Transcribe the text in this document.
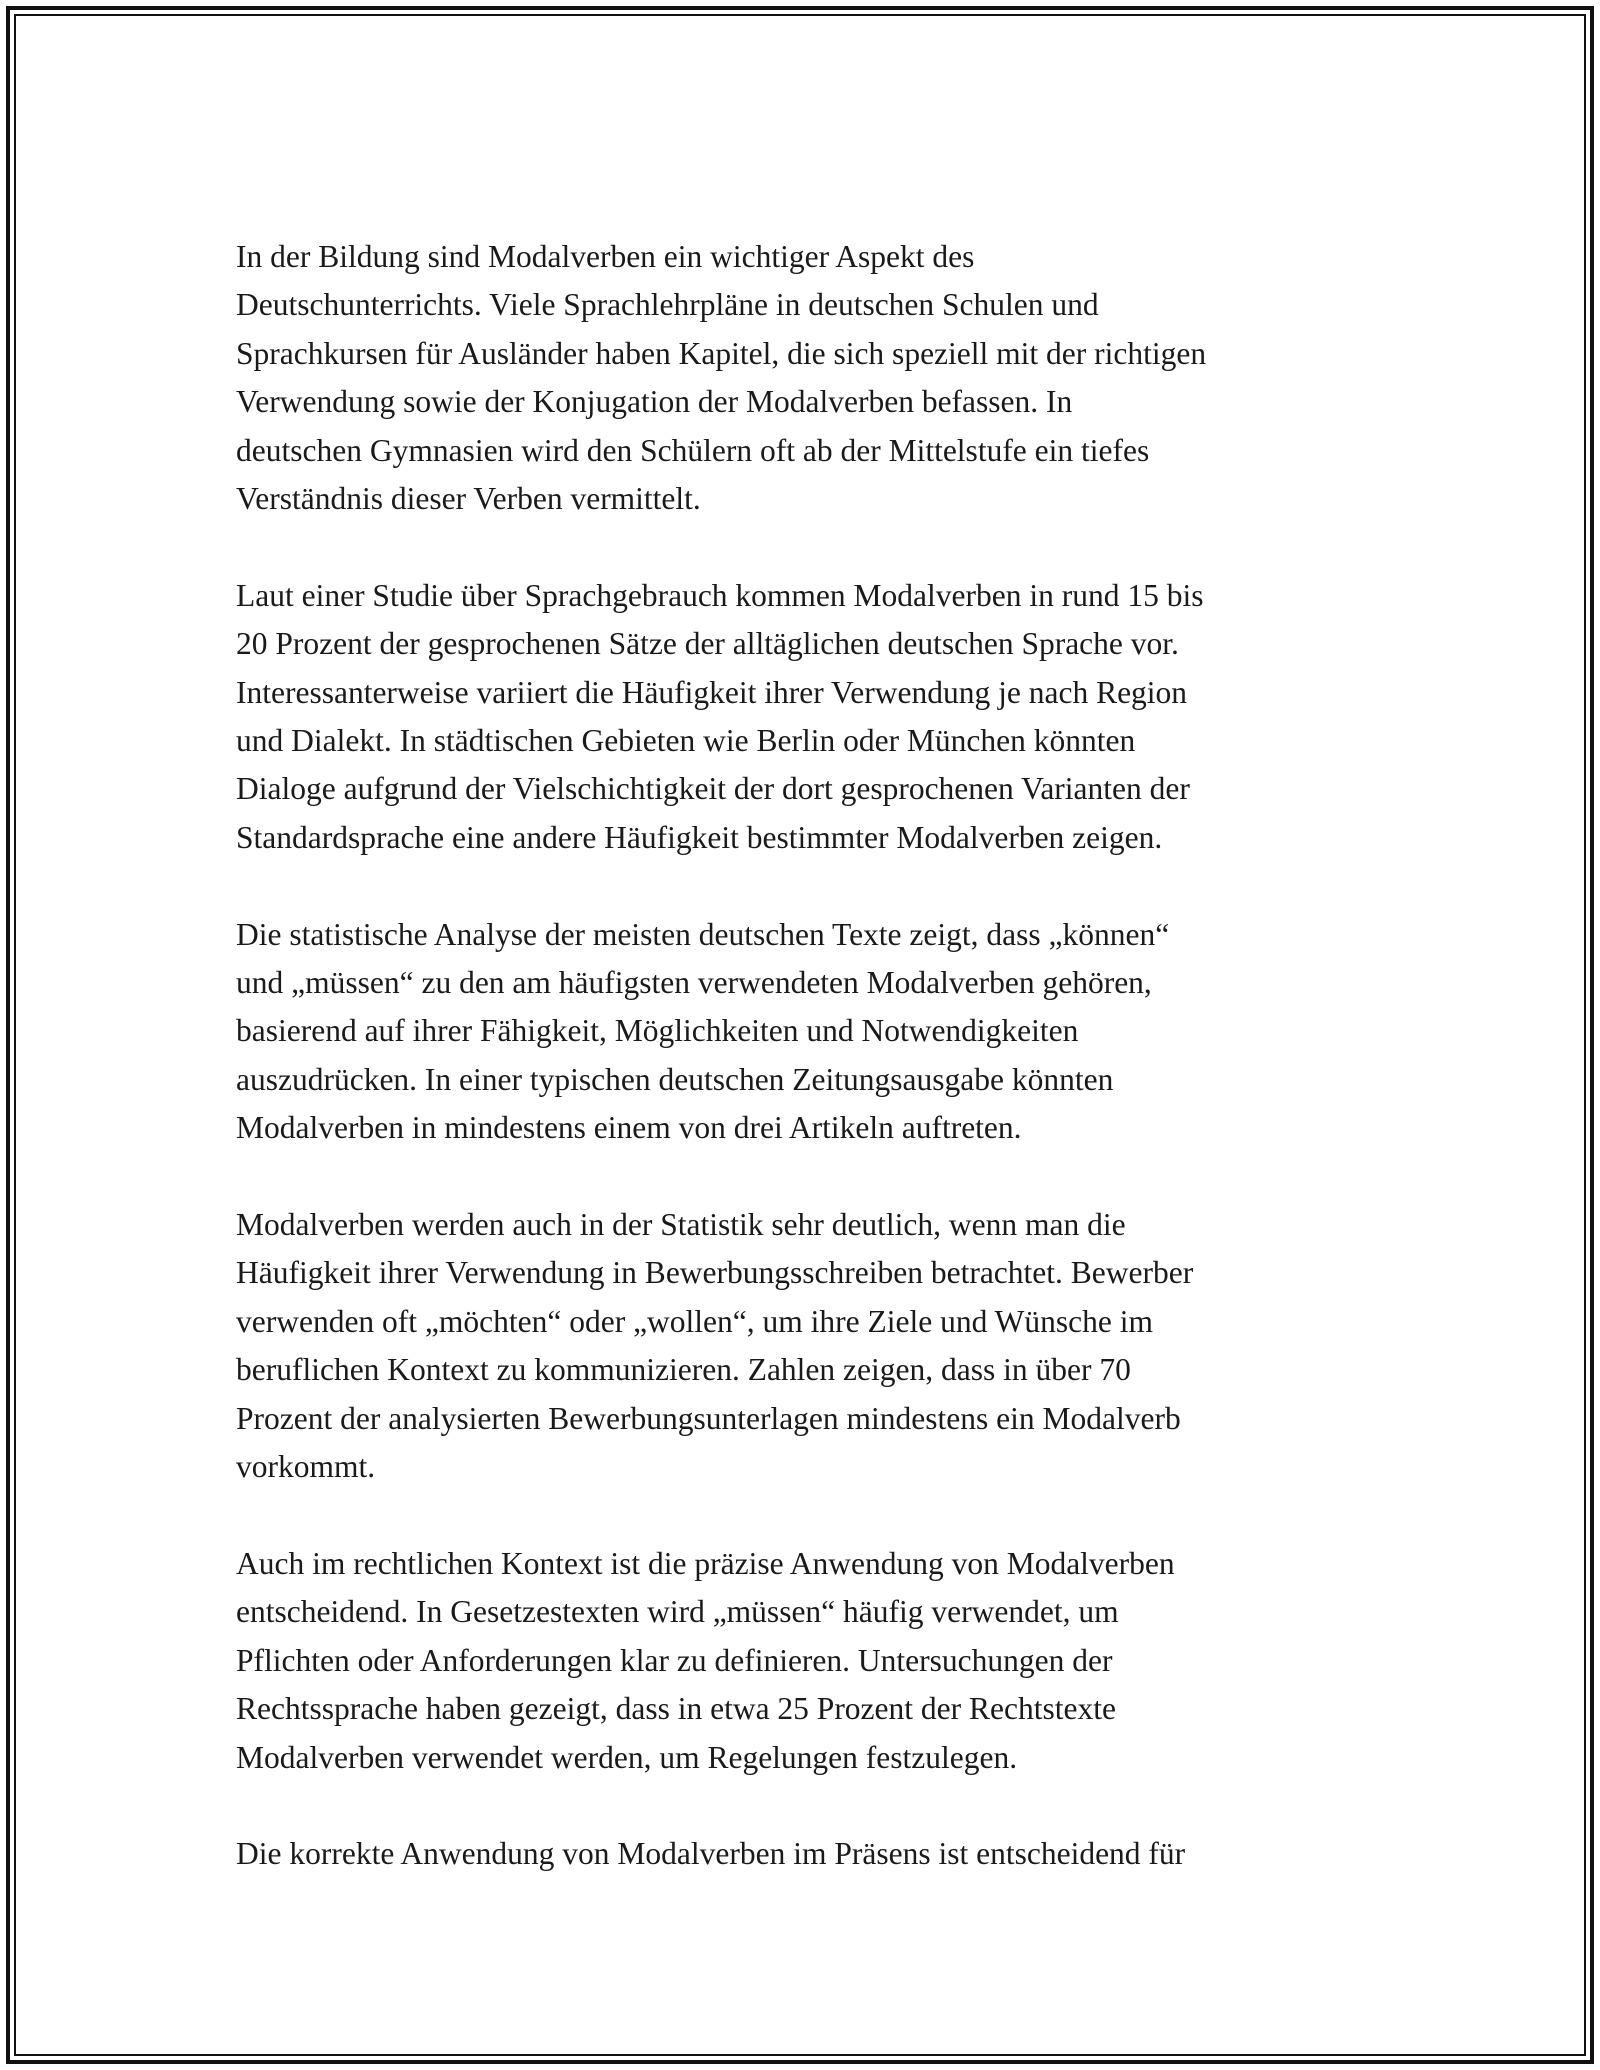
In der Bildung sind Modalverben ein wichtiger Aspekt des
Deutschunterrichts. Viele Sprachlehrpläne in deutschen Schulen und
Sprachkursen für Ausländer haben Kapitel, die sich speziell mit der richtigen
Verwendung sowie der Konjugation der Modalverben befassen. In
deutschen Gymnasien wird den Schülern oft ab der Mittelstufe ein tiefes
Verständnis dieser Verben vermittelt.

Laut einer Studie über Sprachgebrauch kommen Modalverben in rund 15 bis
20 Prozent der gesprochenen Sätze der alltäglichen deutschen Sprache vor.
Interessanterweise variiert die Häufigkeit ihrer Verwendung je nach Region
und Dialekt. In städtischen Gebieten wie Berlin oder München könnten
Dialoge aufgrund der Vielschichtigkeit der dort gesprochenen Varianten der
Standardsprache eine andere Häufigkeit bestimmter Modalverben zeigen.

Die statistische Analyse der meisten deutschen Texte zeigt, dass „können“
und „müssen“ zu den am häufigsten verwendeten Modalverben gehören,
basierend auf ihrer Fähigkeit, Möglichkeiten und Notwendigkeiten
auszudrücken. In einer typischen deutschen Zeitungsausgabe könnten
Modalverben in mindestens einem von drei Artikeln auftreten.

Modalverben werden auch in der Statistik sehr deutlich, wenn man die
Häufigkeit ihrer Verwendung in Bewerbungsschreiben betrachtet. Bewerber
verwenden oft „möchten“ oder „wollen“, um ihre Ziele und Wünsche im
beruflichen Kontext zu kommunizieren. Zahlen zeigen, dass in über 70
Prozent der analysierten Bewerbungsunterlagen mindestens ein Modalverb
vorkommt.

Auch im rechtlichen Kontext ist die präzise Anwendung von Modalverben
entscheidend. In Gesetzestexten wird „müssen“ häufig verwendet, um
Pflichten oder Anforderungen klar zu definieren. Untersuchungen der
Rechtssprache haben gezeigt, dass in etwa 25 Prozent der Rechtstexte
Modalverben verwendet werden, um Regelungen festzulegen.

Die korrekte Anwendung von Modalverben im Präsens ist entscheidend für
